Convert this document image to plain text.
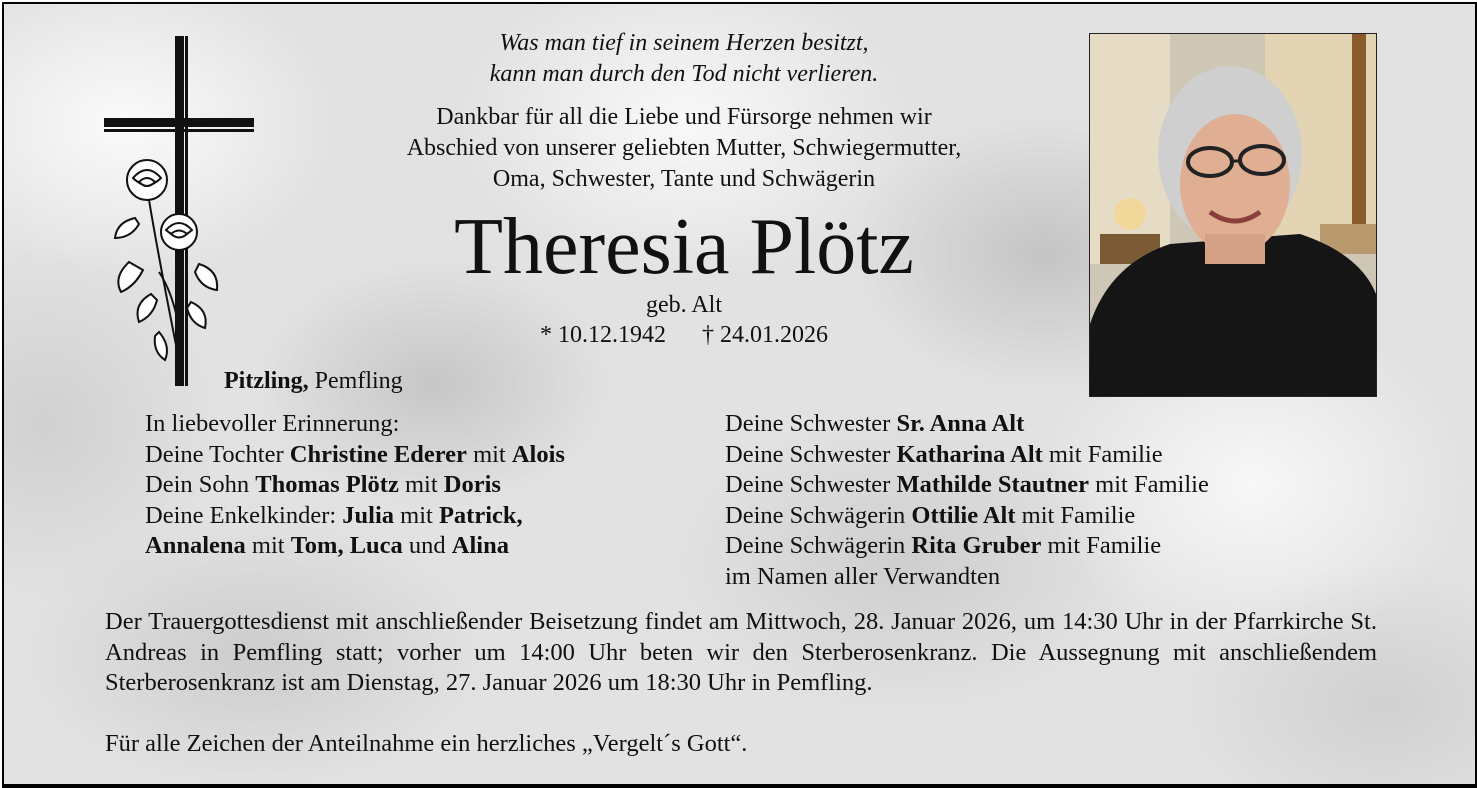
Was man tief in seinem Herzen besitzt,
kann man durch den Tod nicht verlieren.
Dankbar für all die Liebe und Fürsorge nehmen wir
Abschied von unserer geliebten Mutter, Schwiegermutter,
Oma, Schwester, Tante und Schwägerin
Theresia Plötz
geb. Alt
* 10.12.1942 † 24.01.2026
Pitzling, Pemfling
In liebevoller Erinnerung:
Deine Tochter Christine Ederer mit Alois
Dein Sohn Thomas Plötz mit Doris
Deine Enkelkinder: Julia mit Patrick,
Annalena mit Tom, Luca und Alina
Deine Schwester Sr. Anna Alt
Deine Schwester Katharina Alt mit Familie
Deine Schwester Mathilde Stautner mit Familie
Deine Schwägerin Ottilie Alt mit Familie
Deine Schwägerin Rita Gruber mit Familie
im Namen aller Verwandten
Der Trauergottesdienst mit anschließender Beisetzung findet am Mittwoch, 28. Januar 2026, um 14:30 Uhr in der Pfarrkirche St. Andreas in Pemfling statt; vorher um 14:00 Uhr beten wir den Sterberosenkranz. Die Aussegnung mit anschließendem Sterberosenkranz ist am Dienstag, 27. Januar 2026 um 18:30 Uhr in Pemfling.
Für alle Zeichen der Anteilnahme ein herzliches „Vergelt´s Gott“.
